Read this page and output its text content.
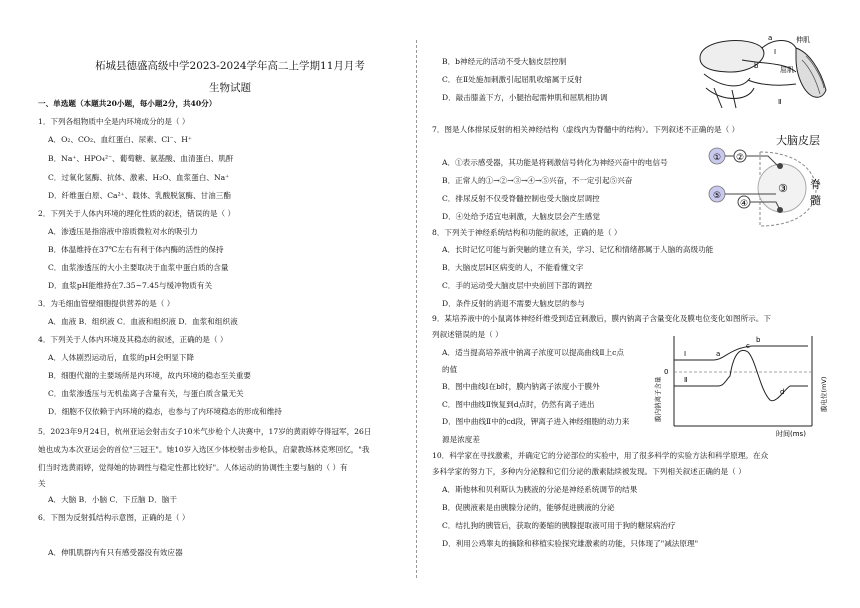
柘城县德盛高级中学2023-2024学年高二上学期11月月考
生物试题
一、单选题（本题共20小题，每小题2分，共40分）
1．下列各组物质中全是内环境成分的是（ ）
A．O₂、CO₂、血红蛋白、尿素、Cl⁻、H⁺
B．Na⁺、HPO₄²⁻、葡萄糖、氨基酸、血清蛋白、肌酐
C．过氧化氢酶、抗体、激素、H₂O、血浆蛋白、Na⁺
D．纤维蛋白原、Ca²⁺、载体、乳酸脱氢酶、甘油三酯
2．下列关于人体内环境的理化性质的叙述，错误的是（ ）
A．渗透压是指溶液中溶质微粒对水的吸引力
B．体温维持在37℃左右有利于体内酶的活性的保持
C．血浆渗透压的大小主要取决于血浆中蛋白质的含量
D．血浆pH能维持在7.35~7.45与缓冲物质有关
3．为毛细血管壁细胞提供营养的是（ ）
A．血液 B．组织液 C．血液和组织液 D．血浆和组织液
4．下列关于人体内环境及其稳态的叙述，正确的是（ ）
A．人体剧烈运动后，血浆的pH会明显下降
B．细胞代谢的主要场所是内环境，故内环境的稳态至关重要
C．血浆渗透压与无机盐离子含量有关，与蛋白质含量无关
D．细胞不仅依赖于内环境的稳态，也参与了内环境稳态的形成和维持
5．2023年9月24日，杭州亚运会射击女子10米气步枪个人决赛中，17岁的黄雨婷夺得冠军，26日
她也成为本次亚运会的首位"三冠王"。她10岁入选区少体校射击步枪队，启蒙教练林克寒回忆，"我
们当时选黄雨婷，觉得她的协调性与稳定性都比较好"。人体运动的协调性主要与脑的（ ）有
关
A．大脑 B．小脑 C．下丘脑 D．脑干
6．下图为反射弧结构示意图，正确的是（ ）
A．伸肌肌群内有只有感受器没有效应器
B．b神经元的活动不受大脑皮层控制
C．在Ⅱ处施加刺激引起屈肌收缩属于反射
D．敲击膝盖下方，小腿抬起需伸肌和屈肌相协调
7．图是人体排尿反射的相关神经结构（虚线内为脊髓中的结构）。下列叙述不正确的是（ ）
A．①表示感受器，其功能是将刺激信号转化为神经兴奋中的电信号
B．正常人的①→②→③→④→⑤兴奋，不一定引起⑤兴奋
C．排尿反射不仅受脊髓控制也受大脑皮层调控
D．④处给予适宜电刺激，大脑皮层会产生感觉
8．下列关于神经系统结构和功能的叙述，正确的是（ ）
A．长时记忆可能与新突触的建立有关，学习、记忆和情绪都属于人脑的高级功能
B．大脑皮层H区病变的人，不能看懂文字
C．手的运动受大脑皮层中央前回下部的调控
D．条件反射的消退不需要大脑皮层的参与
9．某培养液中的小鼠离体神经纤维受到适宜刺激后，膜内钠离子含量变化及膜电位变化如图所示。下
列叙述错误的是（ ）
A．适当提高培养液中钠离子浓度可以提高曲线Ⅱ上c点
的值
B．图中曲线Ⅰ在b时，膜内钠离子浓度小于膜外
C．图中曲线Ⅱ恢复到d点时，仍然有离子进出
D．图中曲线Ⅱ中的cd段，钾离子进入神经细胞的动力来
源是浓度差
10．科学家在寻找激素，并确定它的分泌部位的实验中，用了很多科学的实验方法和科学原理。在众
多科学家的努力下，多种内分泌腺和它们分泌的激素陆续被发现。下列相关叙述正确的是（ ）
A．斯他林和贝利斯认为胰液的分泌是神经系统调节的结果
B．促胰液素是由胰腺分泌的，能够促进胰液的分泌
C．结扎狗的胰管后，获取的萎缩的胰腺提取液可用于狗的糖尿病治疗
D．利用公鸡睾丸的摘除和移植实验探究雄激素的功能，只体现了"减法原理"
a
Ⅰ
b
Ⅱ
伸肌
屈肌
大脑皮层
脊
髓
① ②
③
⑤
④
膜内钠离子含量	膜电位(mV)
0
Ⅰ
Ⅱ
a
b
c
d
时间(ms)
